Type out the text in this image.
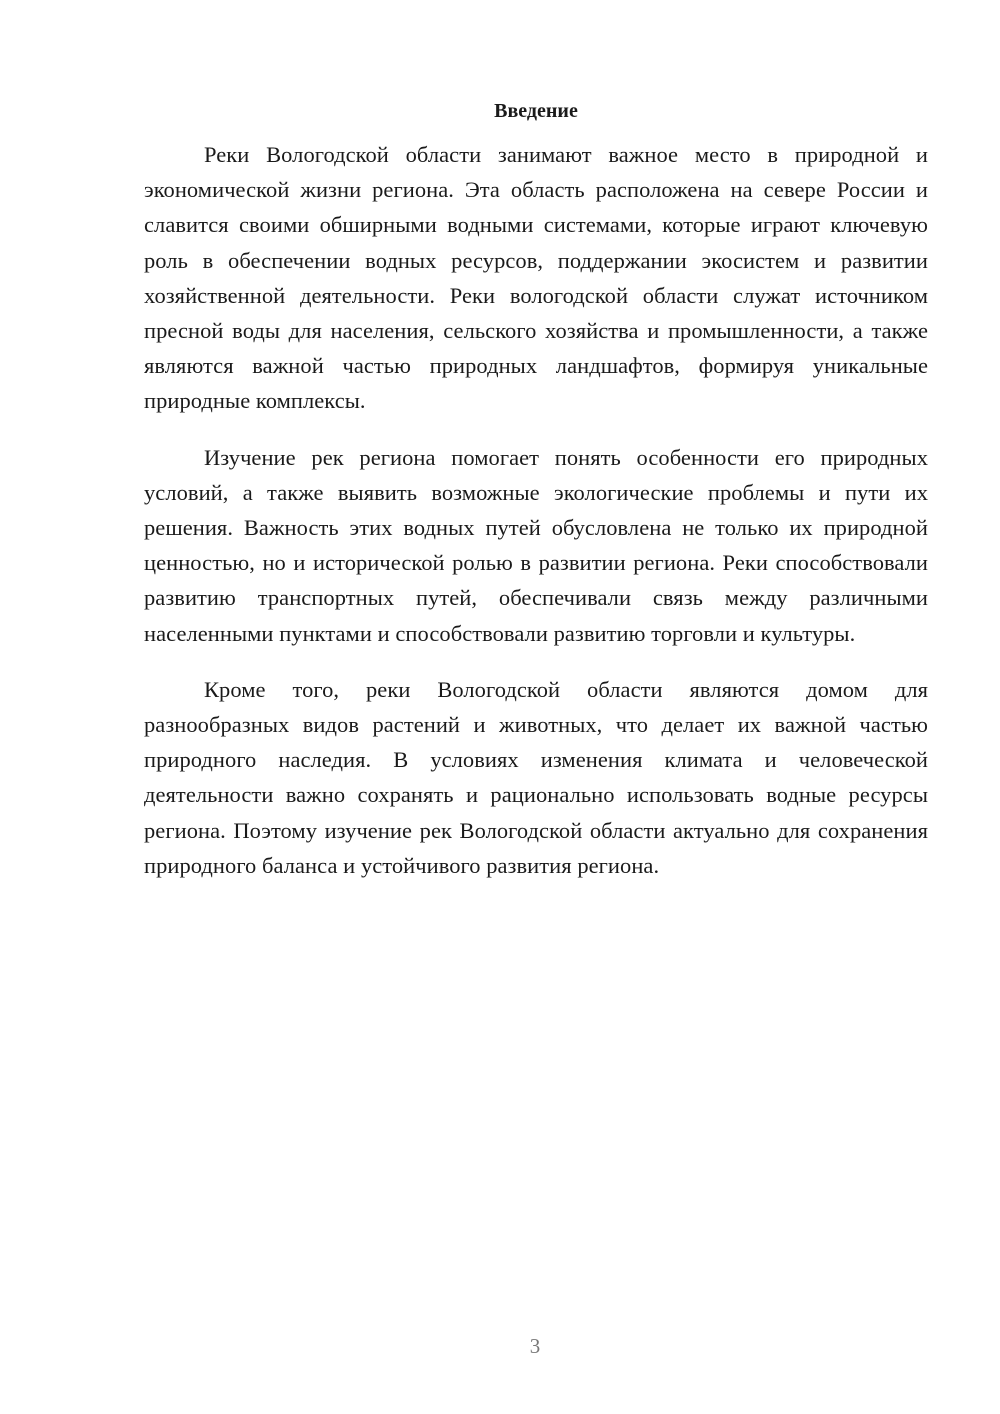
Введение

Реки Вологодской области занимают важное место в природной и экономической жизни региона. Эта область расположена на севере России и славится своими обширными водными системами, которые играют ключевую роль в обеспечении водных ресурсов, поддержании экосистем и развитии хозяйственной деятельности. Реки вологодской области служат источником пресной воды для населения, сельского хозяйства и промышленности, а также являются важной частью природных ландшафтов, формируя уникальные природные комплексы.

Изучение рек региона помогает понять особенности его природных условий, а также выявить возможные экологические проблемы и пути их решения. Важность этих водных путей обусловлена не только их природной ценностью, но и исторической ролью в развитии региона. Реки способствовали развитию транспортных путей, обеспечивали связь между различными населенными пунктами и способствовали развитию торговли и культуры.

Кроме того, реки Вологодской области являются домом для разнообразных видов растений и животных, что делает их важной частью природного наследия. В условиях изменения климата и человеческой деятельности важно сохранять и рационально использовать водные ресурсы региона. Поэтому изучение рек Вологодской области актуально для сохранения природного баланса и устойчивого развития региона.

3
